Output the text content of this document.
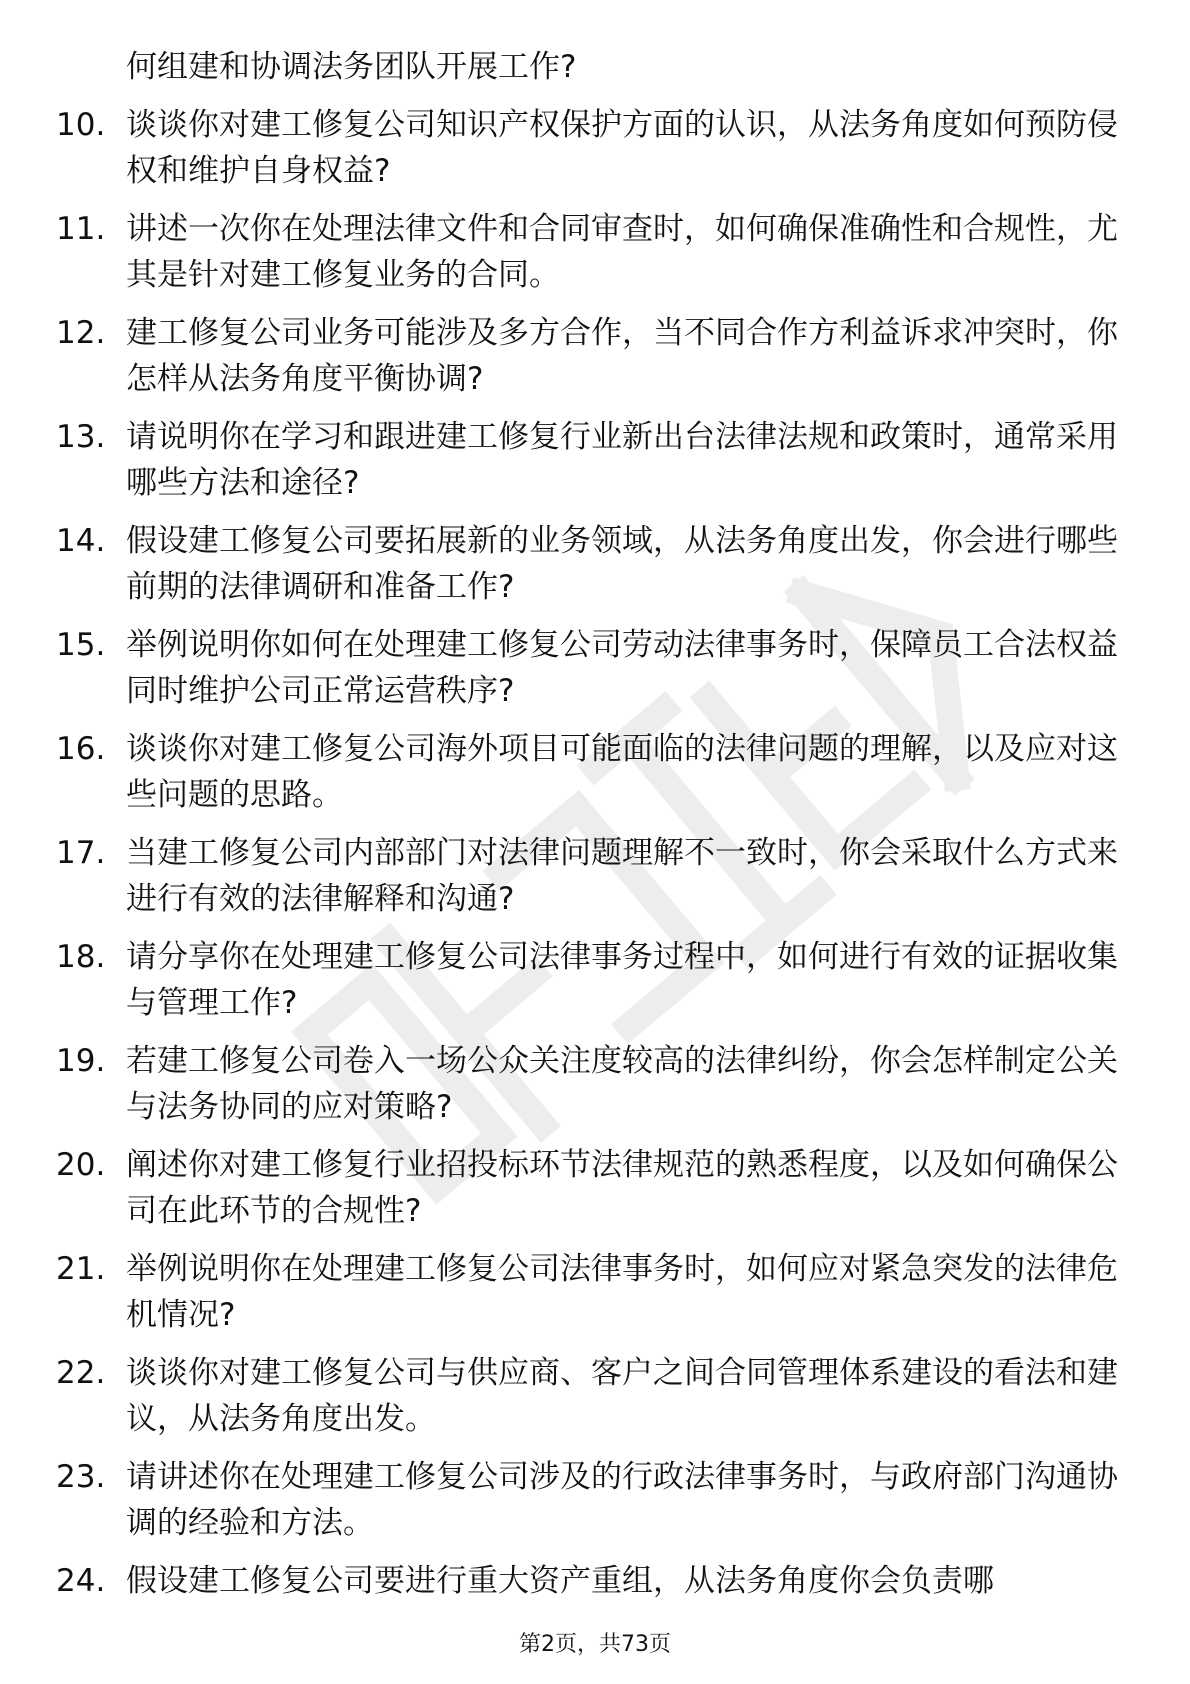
何组建和协调法务团队开展工作?
10. 谈谈你对建工修复公司知识产权保护方面的认识，从法务角度如何预防侵权和维护自身权益?
11. 讲述一次你在处理法律文件和合同审查时，如何确保准确性和合规性，尤其是针对建工修复业务的合同。
12. 建工修复公司业务可能涉及多方合作，当不同合作方利益诉求冲突时，你怎样从法务角度平衡协调?
13. 请说明你在学习和跟进建工修复行业新出台法律法规和政策时，通常采用哪些方法和途径?
14. 假设建工修复公司要拓展新的业务领域，从法务角度出发，你会进行哪些前期的法律调研和准备工作?
15. 举例说明你如何在处理建工修复公司劳动法律事务时，保障员工合法权益同时维护公司正常运营秩序?
16. 谈谈你对建工修复公司海外项目可能面临的法律问题的理解，以及应对这些问题的思路。
17. 当建工修复公司内部部门对法律问题理解不一致时，你会采取什么方式来进行有效的法律解释和沟通?
18. 请分享你在处理建工修复公司法律事务过程中，如何进行有效的证据收集与管理工作?
19. 若建工修复公司卷入一场公众关注度较高的法律纠纷，你会怎样制定公关与法务协同的应对策略?
20. 阐述你对建工修复行业招投标环节法律规范的熟悉程度，以及如何确保公司在此环节的合规性?
21. 举例说明你在处理建工修复公司法律事务时，如何应对紧急突发的法律危机情况?
22. 谈谈你对建工修复公司与供应商、客户之间合同管理体系建设的看法和建议，从法务角度出发。
23. 请讲述你在处理建工修复公司涉及的行政法律事务时，与政府部门沟通协调的经验和方法。
24. 假设建工修复公司要进行重大资产重组，从法务角度你会负责哪
第2页，共73页
